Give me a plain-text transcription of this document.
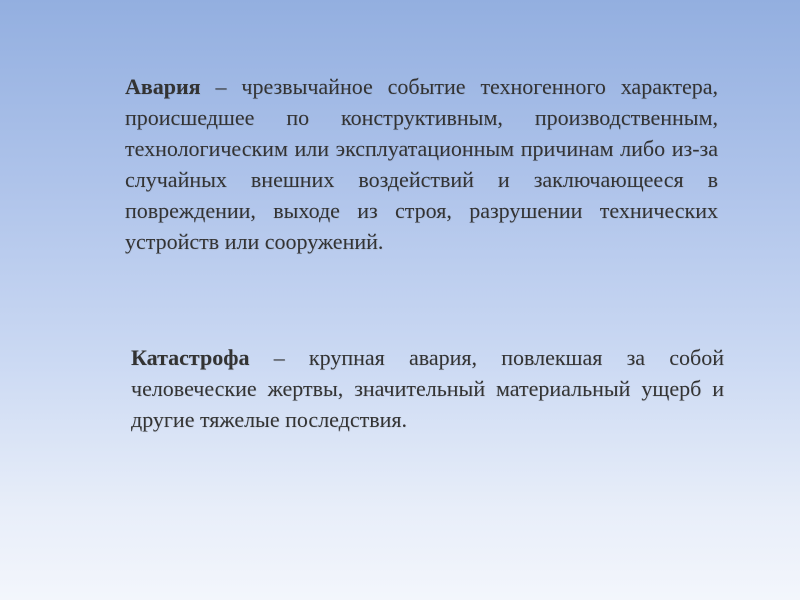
Авария – чрезвычайное событие техногенного характера, происшедшее по конструктивным, производственным, технологическим или эксплуатационным причинам либо из-за случайных внешних воздействий и заключающееся в повреждении, выходе из строя, разрушении технических устройств или сооружений.

Катастрофа – крупная авария, повлекшая за собой человеческие жертвы, значительный материальный ущерб и другие тяжелые последствия.
